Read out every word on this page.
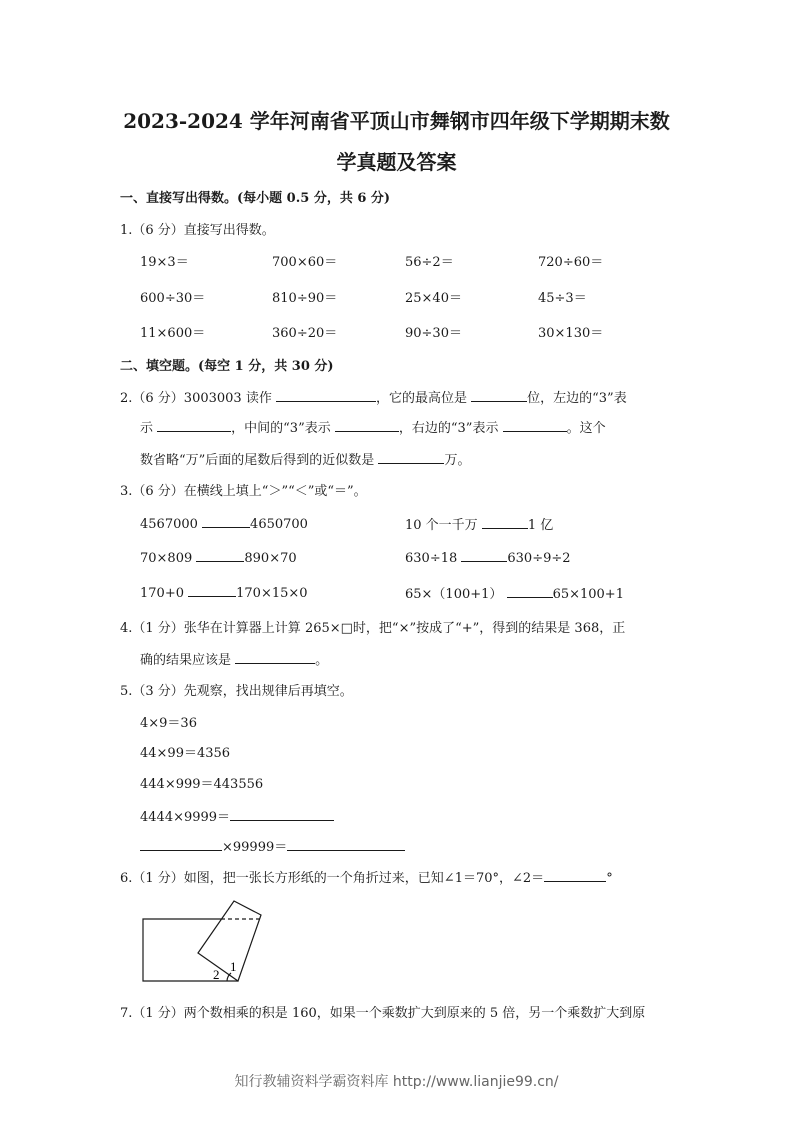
2023-2024 学年河南省平顶山市舞钢市四年级下学期期末数
学真题及答案
一、直接写出得数。(每小题 0.5 分，共 6 分)
1.（6 分）直接写出得数。
19×3＝	700×60＝	56÷2＝	720÷60＝
600÷30＝	810÷90＝	25×40＝	45÷3＝
11×600＝	360÷20＝	90÷30＝	30×130＝
二、填空题。(每空 1 分，共 30 分)
2.（6 分）3003003 读作	，它的最高位是	位，左边的“3”表
示	，中间的“3”表示	，右边的“3”表示	。这个
数省略“万”后面的尾数后得到的近似数是	万。
3.（6 分）在横线上填上“＞”“＜”或“＝”。
4567000	4650700	10 个一千万	1 亿
70×809	890×70	630÷18	630÷9÷2
170+0	170×15×0	65×（100+1）	65×100+1
4.（1 分）张华在计算器上计算 265×□时，把“×”按成了“+”，得到的结果是 368，正
确的结果应该是	。
5.（3 分）先观察，找出规律后再填空。
4×9＝36
44×99＝4356
444×999＝443556
4444×9999＝
×99999＝
6.（1 分）如图，把一张长方形纸的一个角折过来，已知∠1＝70°，∠2＝	°
2
1
7.（1 分）两个数相乘的积是 160，如果一个乘数扩大到原来的 5 倍，另一个乘数扩大到原
知行教辅资料学霸资料库 http://www.lianjie99.cn/
